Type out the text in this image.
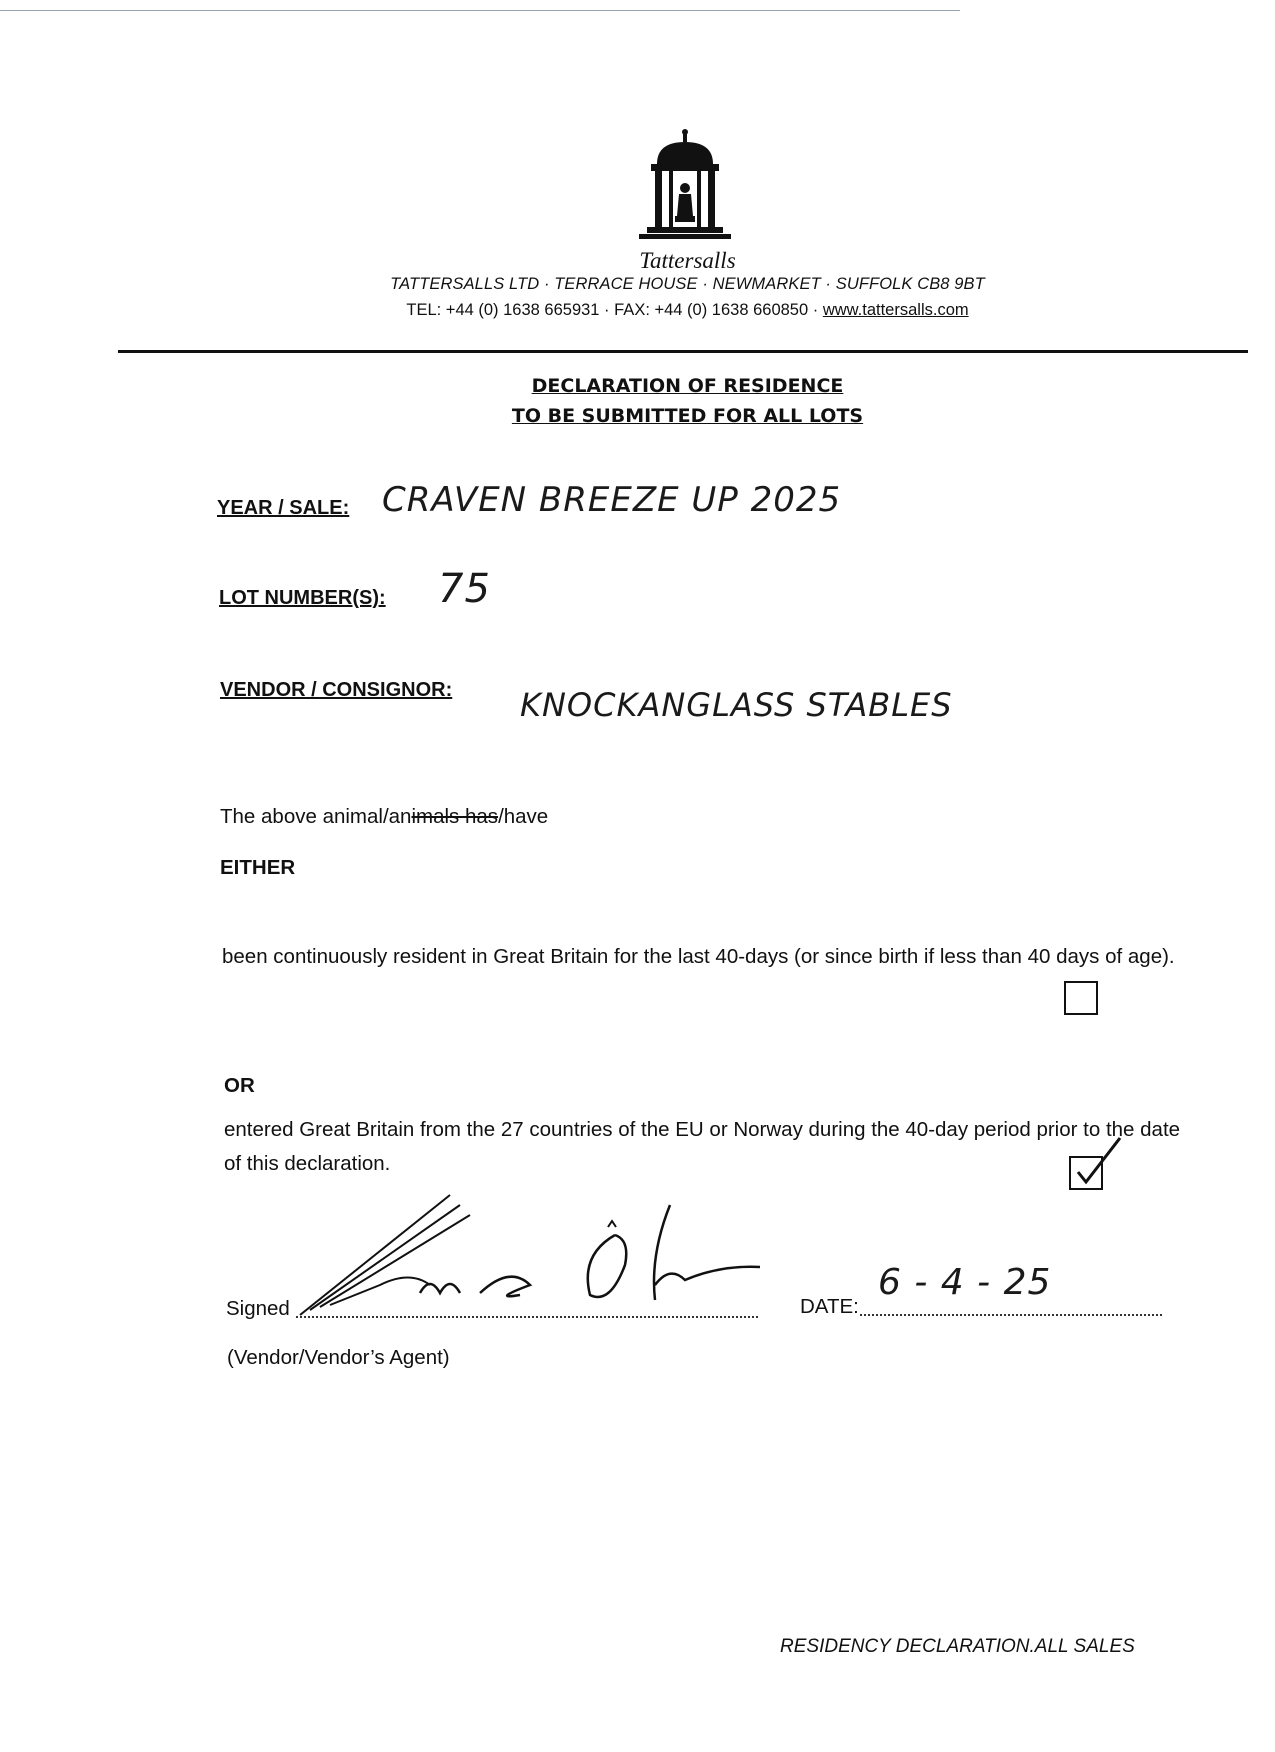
Tattersalls
TATTERSALLS LTD · TERRACE HOUSE · NEWMARKET · SUFFOLK CB8 9BT
TEL: +44 (0) 1638 665931 · FAX: +44 (0) 1638 660850 · www.tattersalls.com
DECLARATION OF RESIDENCE
TO BE SUBMITTED FOR ALL LOTS
YEAR / SALE: CRAVEN BREEZE UP 2025
LOT NUMBER(S): 75
VENDOR / CONSIGNOR: KNOCKANGLASS STABLES
The above animal/animals has/have
EITHER
been continuously resident in Great Britain for the last 40-days (or since birth if less than 40 days of age).
OR
entered Great Britain from the 27 countries of the EU or Norway during the 40-day period prior to the date of this declaration.
Signed	DATE:
6 - 4 - 25
(Vendor/Vendor’s Agent)
RESIDENCY DECLARATION.ALL SALES
